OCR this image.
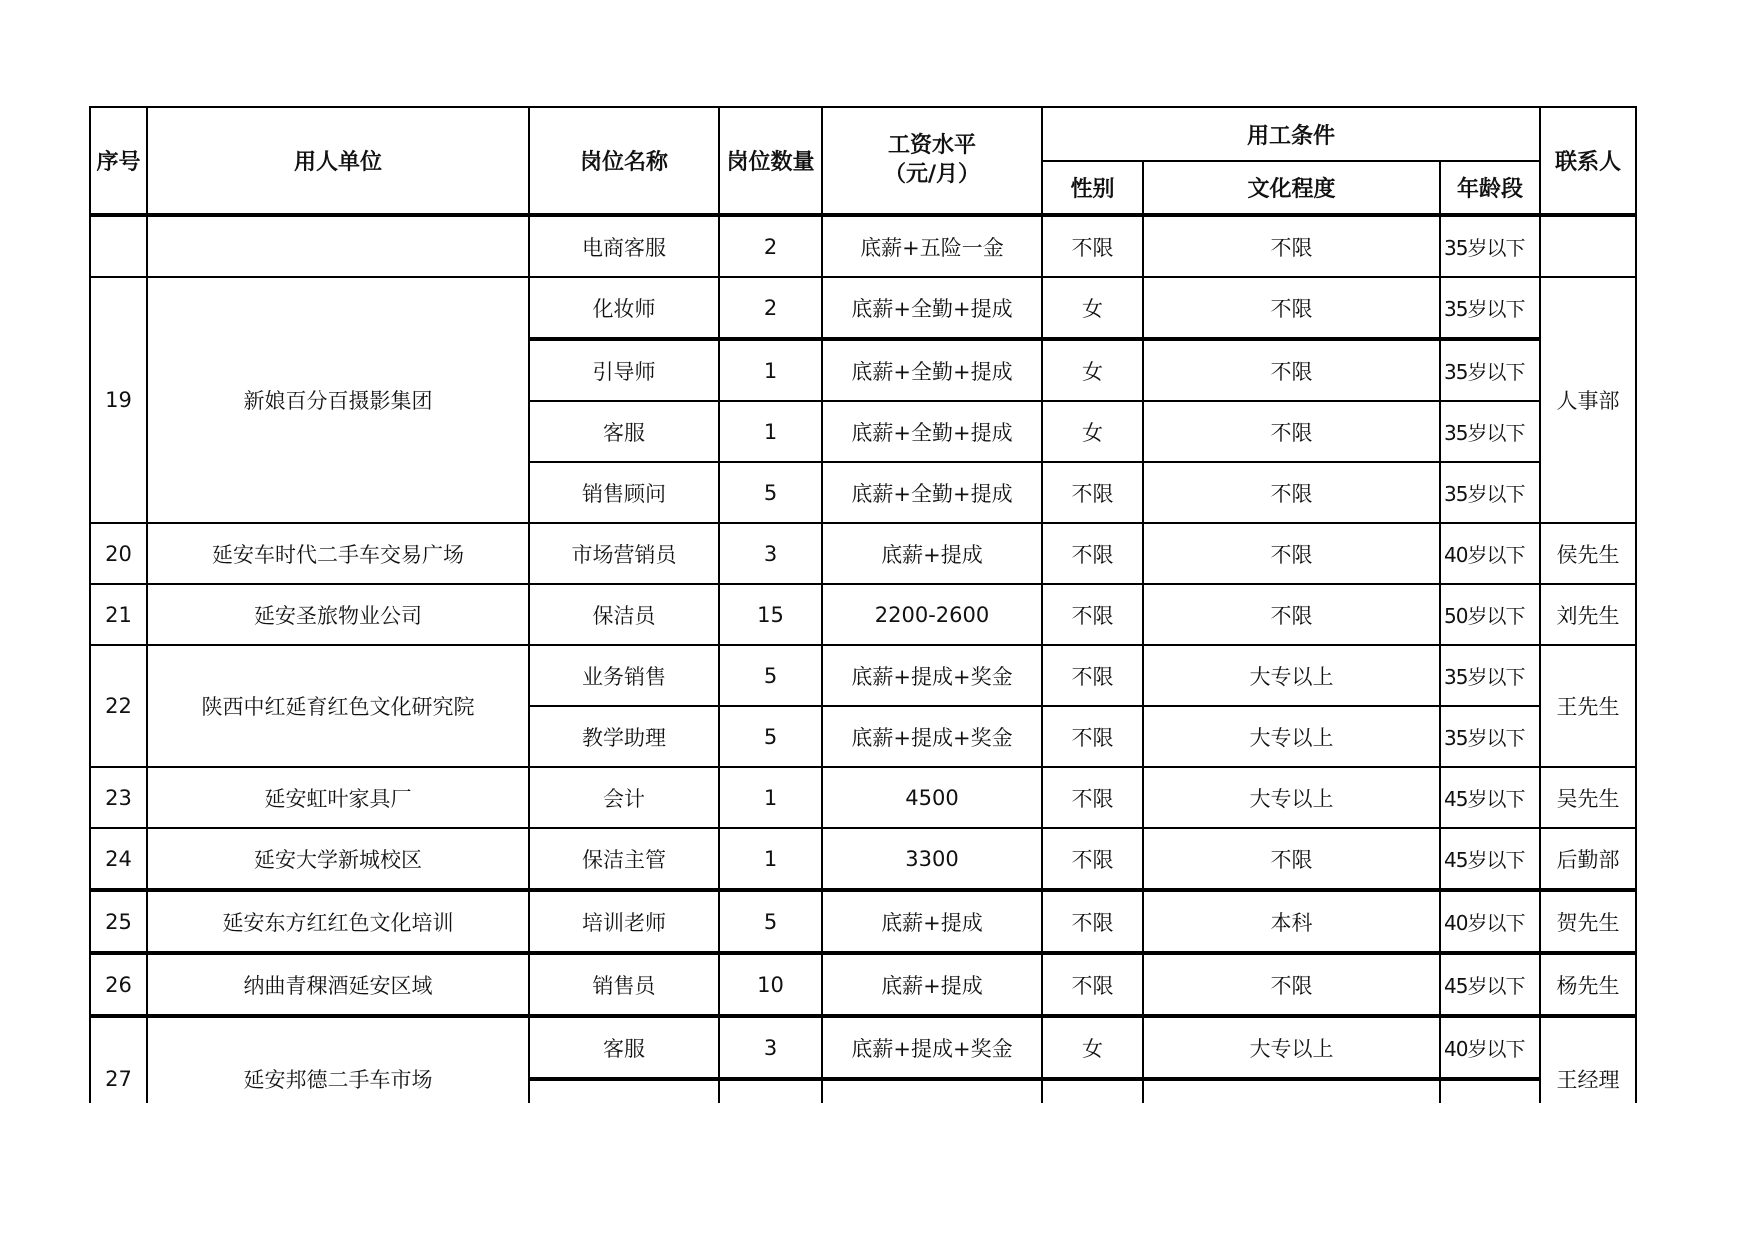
序号	用人单位	岗位名称	岗位数量	工资水平
（元/月）	用工条件			联系人
					性别	文化程度	年龄段	
		电商客服	2	底薪+五险一金	不限	不限	35岁以下	
19	新娘百分百摄影集团	化妆师	2	底薪+全勤+提成	女	不限	35岁以下	人事部
		引导师	1	底薪+全勤+提成	女	不限	35岁以下	
		客服	1	底薪+全勤+提成	女	不限	35岁以下	
		销售顾问	5	底薪+全勤+提成	不限	不限	35岁以下	
20	延安车时代二手车交易广场	市场营销员	3	底薪+提成	不限	不限	40岁以下	侯先生
21	延安圣旅物业公司	保洁员	15	2200-2600	不限	不限	50岁以下	刘先生
22	陕西中红延育红色文化研究院	业务销售	5	底薪+提成+奖金	不限	大专以上	35岁以下	王先生
		教学助理	5	底薪+提成+奖金	不限	大专以上	35岁以下	
23	延安虹叶家具厂	会计	1	4500	不限	大专以上	45岁以下	吴先生
24	延安大学新城校区	保洁主管	1	3300	不限	不限	45岁以下	后勤部
25	延安东方红红色文化培训	培训老师	5	底薪+提成	不限	本科	40岁以下	贺先生
26	纳曲青稞酒延安区域	销售员	10	底薪+提成	不限	不限	45岁以下	杨先生
27	延安邦德二手车市场	客服	3	底薪+提成+奖金	女	大专以上	40岁以下	王经理
